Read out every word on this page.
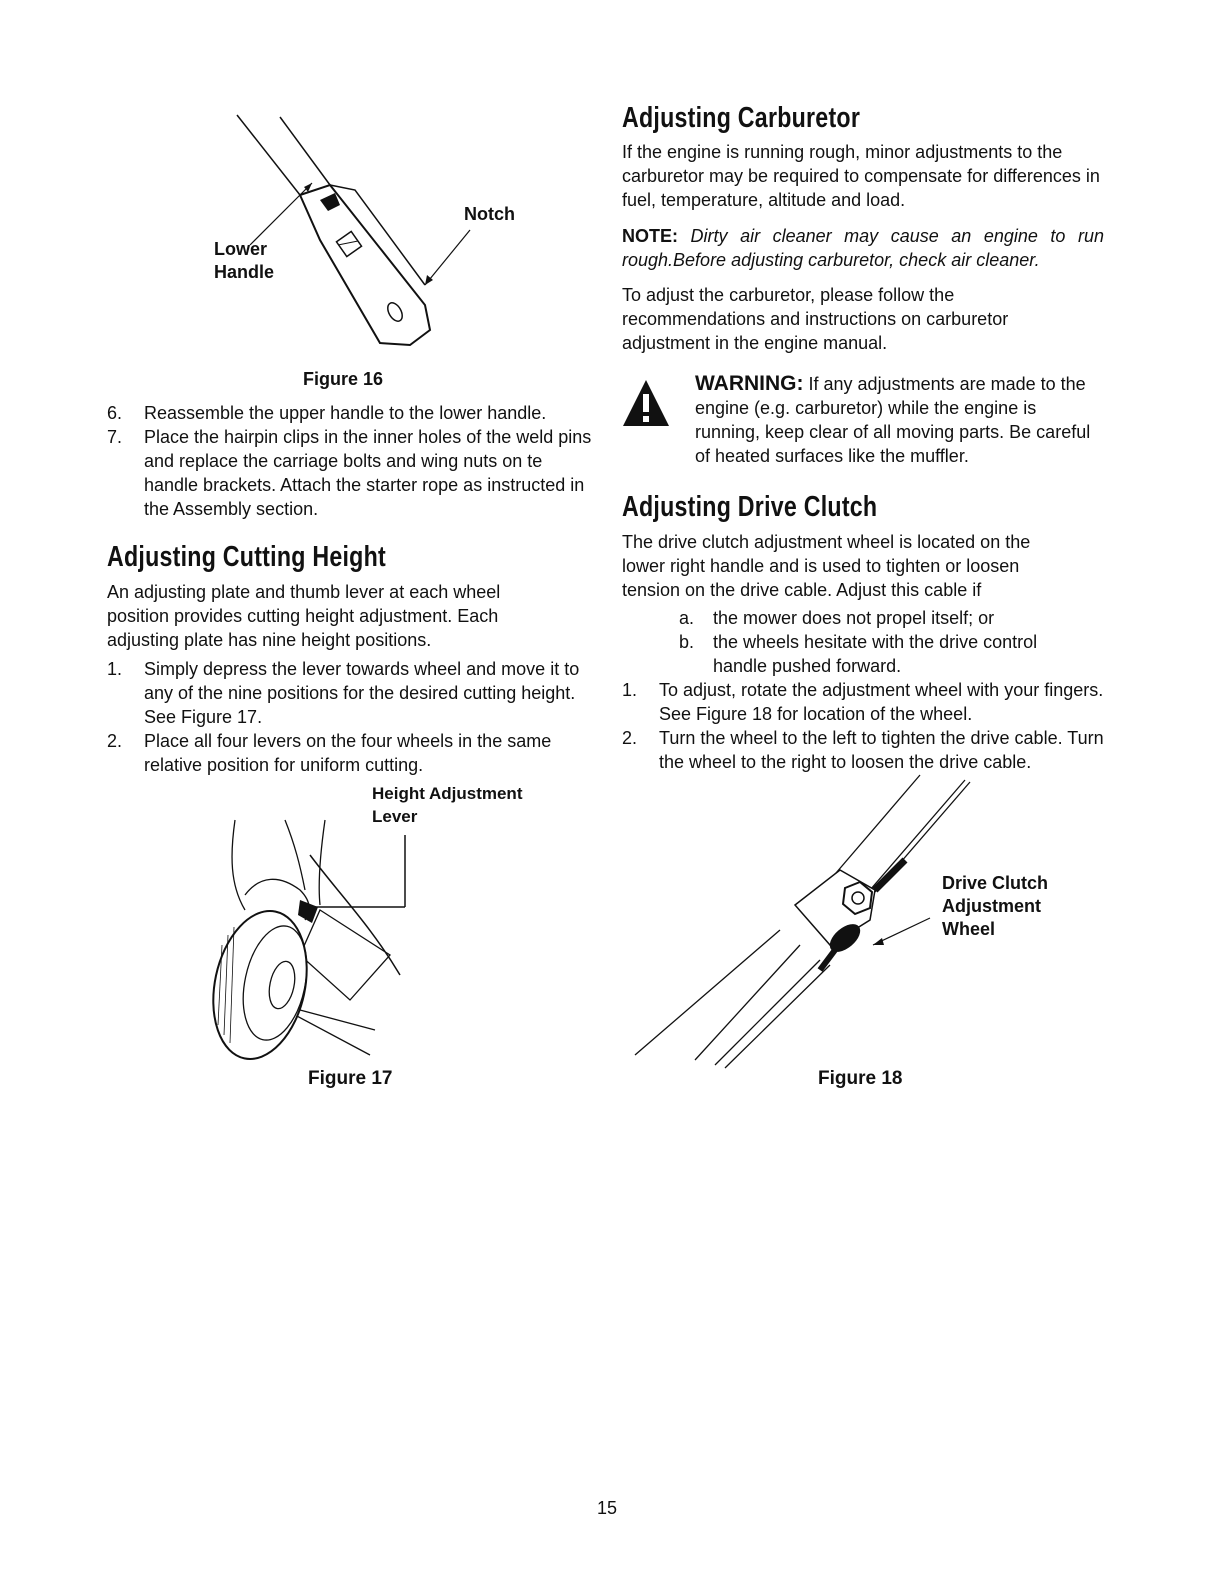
Lower
Handle
Notch
Figure 16
6. Reassemble the upper handle to the lower handle.
7. Place the hairpin clips in the inner holes of the weld pins and replace the carriage bolts and wing nuts on te handle brackets. Attach the starter rope as instructed in the Assembly section.
Adjusting Cutting Height

An adjusting plate and thumb lever at each wheel position provides cutting height adjustment. Each adjusting plate has nine height positions.

1. Simply depress the lever towards wheel and move it to any of the nine positions for the desired cutting height. See Figure 17.
2. Place all four levers on the four wheels in the same relative position for uniform cutting.
Height Adjustment
Lever
Figure 17
Adjusting Carburetor

If the engine is running rough, minor adjustments to the carburetor may be required to compensate for differences in fuel, temperature, altitude and load.

NOTE: Dirty air cleaner may cause an engine to run rough.Before adjusting carburetor, check air cleaner.

To adjust the carburetor, please follow the recommendations and instructions on carburetor adjustment in the engine manual.

WARNING: If any adjustments are made to the engine (e.g. carburetor) while the engine is running, keep clear of all moving parts. Be careful of heated surfaces like the muffler.

Adjusting Drive Clutch

The drive clutch adjustment wheel is located on the lower right handle and is used to tighten or loosen tension on the drive cable. Adjust this cable if

a. the mower does not propel itself; or
b. the wheels hesitate with the drive control handle pushed forward.
1. To adjust, rotate the adjustment wheel with your fingers. See Figure 18 for location of the wheel.
2. Turn the wheel to the left to tighten the drive cable. Turn the wheel to the right to loosen the drive cable.
Drive Clutch
Adjustment
Wheel
Figure 18
15
